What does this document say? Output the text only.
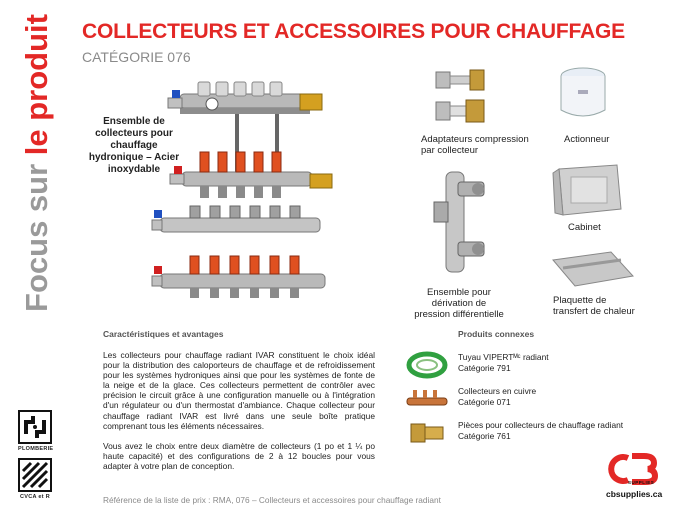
Focus sur le produit
PLOMBERIE
CVCA et R
COLLECTEURS ET ACCESSOIRES POUR CHAUFFAGE
CATÉGORIE 076
Ensemble de collecteurs pour chauffage hydronique – Acier inoxydable
Adaptateurs compression
par collecteur
Actionneur
Ensemble pour
dérivation de
pression différentielle
Cabinet
Plaquette de
transfert de chaleur
Caractéristiques et avantages

Les collecteurs pour chauffage radiant IVAR constituent le choix idéal pour la distribution des caloporteurs de chauffage et de refroidissement pour les systèmes hydroniques ainsi que pour les systèmes de fonte de la neige et de la glace. Ces collecteurs permettent de contrôler avec précision le circuit grâce à une configuration manuelle ou à l'intégration d'un régulateur ou d'un thermostat d'ambiance. Chaque collecteur pour chauffage radiant IVAR est livré dans une seule boîte pratique comprenant tous les éléments nécessaires.

Vous avez le choix entre deux diamètre de collecteurs (1 po et 1 ¼ po haute capacité) et des configurations de 2 à 12 boucles pour vous adapter à votre plan de conception.

Produits connexes
Tuyau VIPERTᴹᶜ radiant
Catégorie 791
Collecteurs en cuivre
Catégorie 071
Pièces pour collecteurs de chauffage radiant
Catégorie 761
Référence de la liste de prix : RMA, 076 – Collecteurs et accessoires pour chauffage radiant
SUPPLIES
cbsupplies.ca
